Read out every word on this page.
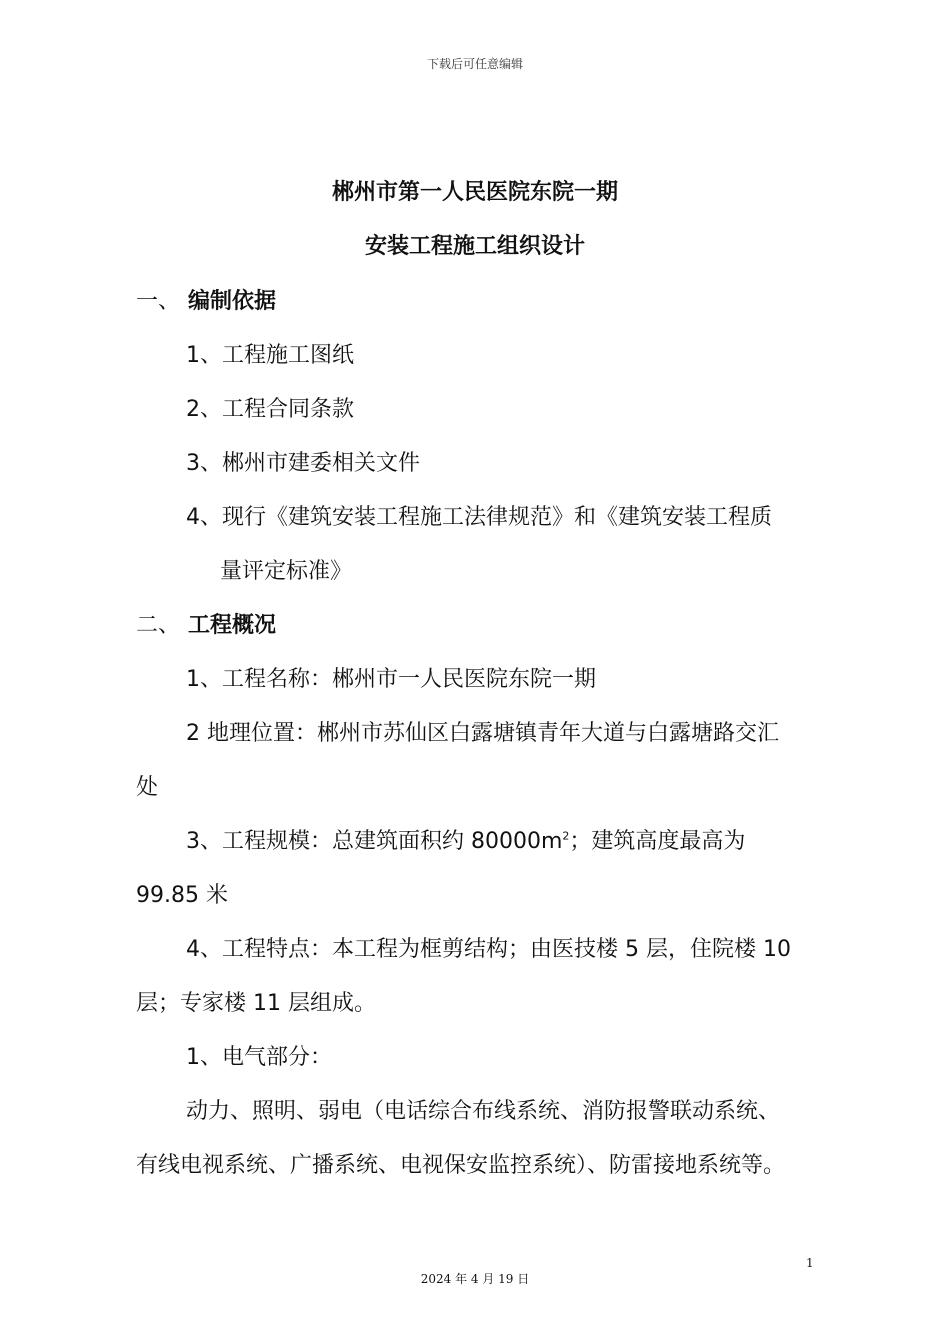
下载后可任意编辑
郴州市第一人民医院东院一期
安装工程施工组织设计
一、 编制依据
1、工程施工图纸
2、工程合同条款
3、郴州市建委相关文件
4、现行《建筑安装工程施工法律规范》和《建筑安装工程质
量评定标准》
二、 工程概况
1、工程名称：郴州市一人民医院东院一期
2 地理位置：郴州市苏仙区白露塘镇青年大道与白露塘路交汇
处
3、工程规模：总建筑面积约 $80000m^2$；建筑高度最高为
99.85 米
4、工程特点：本工程为框剪结构；由医技楼 5 层，住院楼 10
层；专家楼 11 层组成。
1、电气部分：
动力、照明、弱电（电话综合布线系统、消防报警联动系统、
有线电视系统、广播系统、电视保安监控系统）、防雷接地系统等。
1
2024 年 4 月 19 日
